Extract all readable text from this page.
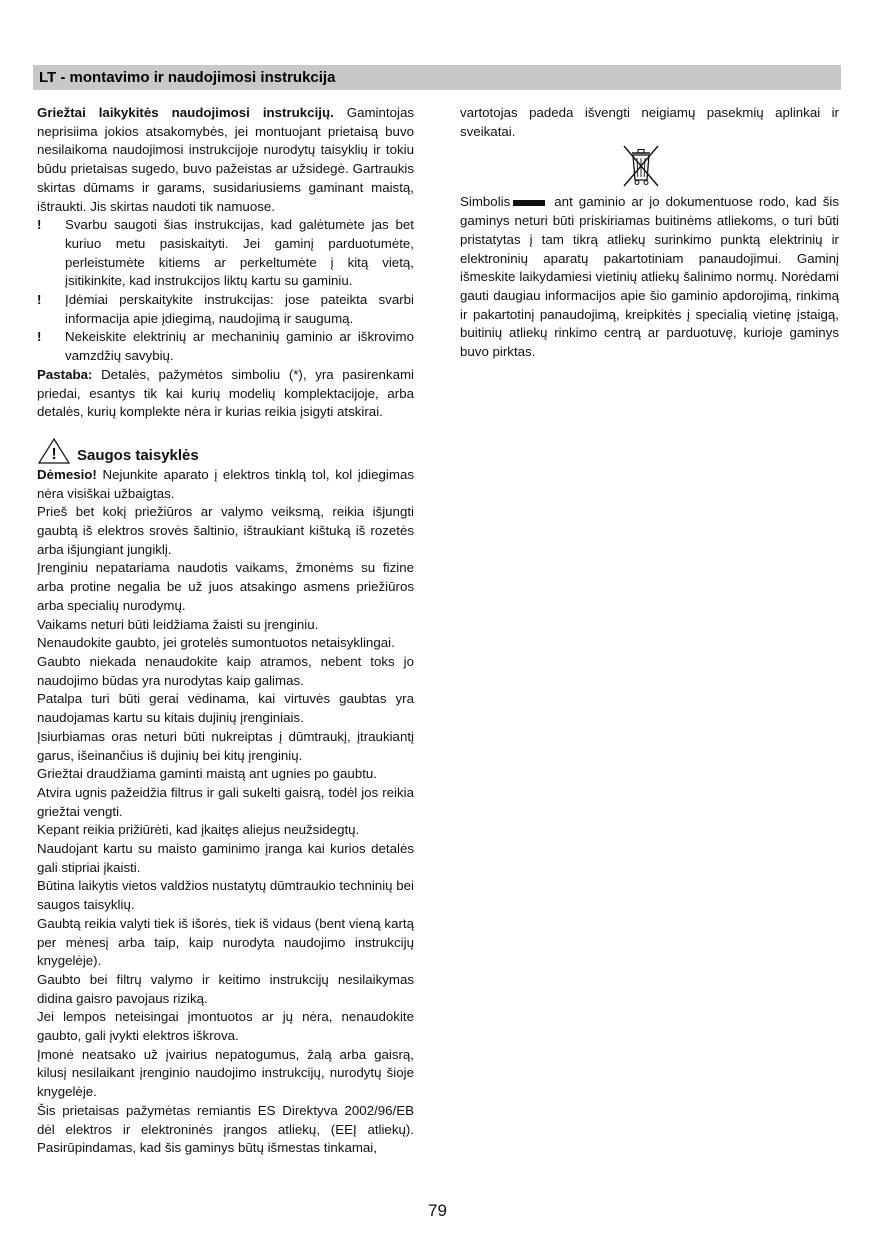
LT - montavimo ir naudojimosi instrukcija

Griežtai laikykitės naudojimosi instrukcijų. Gamintojas neprisiima jokios atsakomybės, jei montuojant prietaisą buvo nesilaikoma naudojimosi instrukcijoje nurodytų taisyklių ir tokiu būdu prietaisas sugedo, buvo pažeistas ar užsidegė. Gartraukis skirtas dūmams ir garams, susidariusiems gaminant maistą, ištraukti. Jis skirtas naudoti tik namuose.

! Svarbu saugoti šias instrukcijas, kad galėtumėte jas bet kuriuo metu pasiskaityti. Jei gaminį parduotumėte, perleistumėte kitiems ar perkeltumėte į kitą vietą, įsitikinkite, kad instrukcijos liktų kartu su gaminiu.

! Įdėmiai perskaitykite instrukcijas: jose pateikta svarbi informacija apie įdiegimą, naudojimą ir saugumą.

! Nekeiskite elektrinių ar mechaninių gaminio ar iškrovimo vamzdžių savybių.

Pastaba: Detalės, pažymėtos simboliu (*), yra pasirenkami priedai, esantys tik kai kurių modelių komplektacijoje, arba detalės, kurių komplekte nėra ir kurias reikia įsigyti atskirai.

! Saugos taisyklės

Dėmesio! Nejunkite aparato į elektros tinklą tol, kol įdiegimas nėra visiškai užbaigtas.

Prieš bet kokį priežiūros ar valymo veiksmą, reikia išjungti gaubtą iš elektros srovės šaltinio, ištraukiant kištuką iš rozetės arba išjungiant jungiklį.

Įrenginiu nepatariama naudotis vaikams, žmonėms su fizine arba protine negalia be už juos atsakingo asmens priežiūros arba specialių nurodymų.

Vaikams neturi būti leidžiama žaisti su įrenginiu.

Nenaudokite gaubto, jei grotelės sumontuotos netaisyklingai.

Gaubto niekada nenaudokite kaip atramos, nebent toks jo naudojimo būdas yra nurodytas kaip galimas.

Patalpa turi būti gerai vėdinama, kai virtuvės gaubtas yra naudojamas kartu su kitais dujinių įrenginiais.

Įsiurbiamas oras neturi būti nukreiptas į dūmtraukį, įtraukiantį garus, išeinančius iš dujinių bei kitų įrenginių.

Griežtai draudžiama gaminti maistą ant ugnies po gaubtu.

Atvira ugnis pažeidžia filtrus ir gali sukelti gaisrą, todėl jos reikia griežtai vengti.

Kepant reikia prižiūrėti, kad įkaitęs aliejus neužsidegtų.

Naudojant kartu su maisto gaminimo įranga kai kurios detalės gali stipriai įkaisti.

Būtina laikytis vietos valdžios nustatytų dūmtraukio techninių bei saugos taisyklių.

Gaubtą reikia valyti tiek iš išorės, tiek iš vidaus (bent vieną kartą per mėnesį arba taip, kaip nurodyta naudojimo instrukcijų knygelėje).

Gaubto bei filtrų valymo ir keitimo instrukcijų nesilaikymas didina gaisro pavojaus riziką.

Jei lempos neteisingai įmontuotos ar jų nėra, nenaudokite gaubto, gali įvykti elektros iškrova.

Įmonė neatsako už įvairius nepatogumus, žalą arba gaisrą, kilusį nesilaikant įrenginio naudojimo instrukcijų, nurodytų šioje knygelėje.

Šis prietaisas pažymėtas remiantis ES Direktyva 2002/96/EB dėl elektros ir elektroninės įrangos atliekų, (EEĮ atliekų). Pasirūpindamas, kad šis gaminys būtų išmestas tinkamai,

vartotojas padeda išvengti neigiamų pasekmių aplinkai ir sveikatai.

Simbolis	ant gaminio ar jo dokumentuose rodo, kad šis gaminys neturi būti priskiriamas buitinėms atliekoms, o turi būti pristatytas į tam tikrą atliekų surinkimo punktą elektrinių ir elektroninių aparatų pakartotiniam panaudojimui. Gaminį išmeskite laikydamiesi vietinių atliekų šalinimo normų. Norėdami gauti daugiau informacijos apie šio gaminio apdorojimą, rinkimą ir pakartotinį panaudojimą, kreipkitės į specialią vietinę įstaigą, buitinių atliekų rinkimo centrą ar parduotuvę, kurioje gaminys buvo pirktas.

79
